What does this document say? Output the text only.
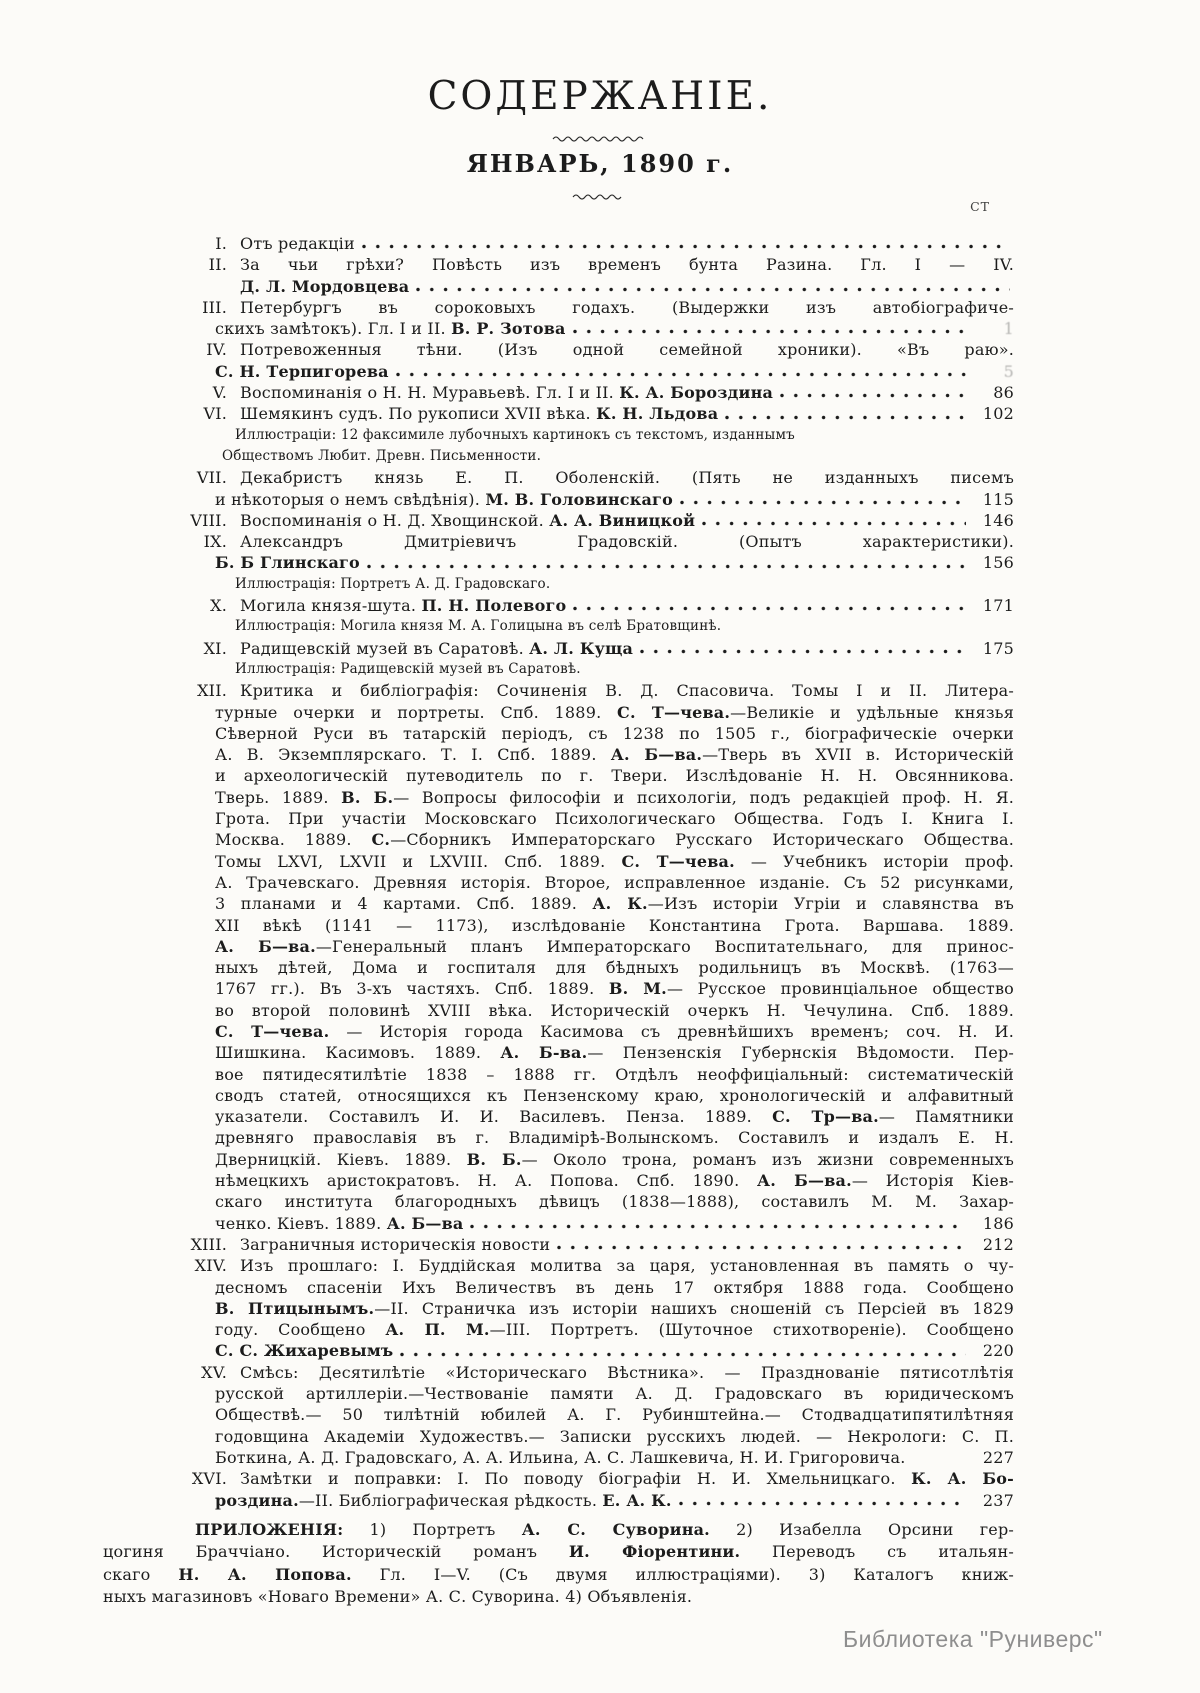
СОДЕРЖАНІЕ.
ЯНВАРЬ, 1890 г.
СТ
I. Отъ редакціи
II. За чьи грѣхи? Повѣсть изъ временъ бунта Разина. Гл. I — IV.
Д. Л. Мордовцева
III. Петербургъ въ сороковыхъ годахъ. (Выдержки изъ автобіографиче-
скихъ замѣтокъ). Гл. I и II. В. Р. Зотова	1
IV. Потревоженныя тѣни. (Изъ одной семейной хроники). «Въ раю».
С. Н. Терпигорева	5
V. Воспоминанія о Н. Н. Муравьевѣ. Гл. I и II. К. А. Бороздина	86
VI. Шемякинъ судъ. По рукописи XVII вѣка. К. Н. Льдова	102
Иллюстраціи: 12 факсимиле лубочныхъ картинокъ съ текстомъ, изданнымъ
Обществомъ Любит. Древн. Письменности.
VII. Декабристъ князь Е. П. Оболенскій. (Пять не изданныхъ писемъ
и нѣкоторыя о немъ свѣдѣнія). М. В. Головинскаго	115
VIII. Воспоминанія о Н. Д. Хвощинской. А. А. Виницкой	146
IX. Александръ Дмитріевичъ Градовскій. (Опытъ характеристики).
Б. Б Глинскаго	156
Иллюстрація: Портретъ А. Д. Градовскаго.
X. Могила князя-шута. П. Н. Полевого	171
Иллюстрація: Могила князя М. А. Голицына въ селѣ Братовщинѣ.
XI. Радищевскій музей въ Саратовѣ. А. Л. Куща	175
Иллюстрація: Радищевскій музей въ Саратовѣ.
XII. Критика и библіографія: Сочиненія В. Д. Спасовича. Томы I и II. Литера-
турные очерки и портреты. Спб. 1889. С. Т—чева.—Великіе и удѣльные князья
Сѣверной Руси въ татарскій періодъ, съ 1238 по 1505 г., біографическіе очерки
А. В. Экземплярскаго. Т. I. Спб. 1889. А. Б—ва.—Тверь въ XVII в. Историческій
и археологическій путеводитель по г. Твери. Изслѣдованіе Н. Н. Овсянникова.
Тверь. 1889. В. Б.— Вопросы философіи и психологіи, подъ редакціей проф. Н. Я.
Грота. При участіи Московскаго Психологическаго Общества. Годъ I. Книга I.
Москва. 1889. С.—Сборникъ Императорскаго Русскаго Историческаго Общества.
Томы LXVI, LXVII и LXVIII. Спб. 1889. С. Т—чева. — Учебникъ исторіи проф.
А. Трачевскаго. Древняя исторія. Второе, исправленное изданіе. Съ 52 рисунками,
3 планами и 4 картами. Спб. 1889. А. К.—Изъ исторіи Угріи и славянства въ
XII вѣкѣ (1141 — 1173), изслѣдованіе Константина Грота. Варшава. 1889.
А. Б—ва.—Генеральный планъ Императорскаго Воспитательнаго, для принос-
ныхъ дѣтей, Дома и госпиталя для бѣдныхъ родильницъ въ Москвѣ. (1763—
1767 гг.). Въ 3-хъ частяхъ. Спб. 1889. В. М.— Русское провинціальное общество
во второй половинѣ XVIII вѣка. Историческій очеркъ Н. Чечулина. Спб. 1889.
С. Т—чева. — Исторія города Касимова съ древнѣйшихъ временъ; соч. Н. И.
Шишкина. Касимовъ. 1889. А. Б-ва.— Пензенскія Губернскія Вѣдомости. Пер-
вое пятидесятилѣтіе 1838 – 1888 гг. Отдѣлъ неоффиціальный: систематическій
сводъ статей, относящихся къ Пензенскому краю, хронологическій и алфавитный
указатели. Составилъ И. И. Василевъ. Пенза. 1889. С. Тр—ва.— Памятники
древняго православія въ г. Владимірѣ-Волынскомъ. Составилъ и издалъ Е. Н.
Дверницкій. Кіевъ. 1889. В. Б.— Около трона, романъ изъ жизни современныхъ
нѣмецкихъ аристократовъ. Н. А. Попова. Спб. 1890. А. Б—ва.— Исторія Кіев-
скаго института благородныхъ дѣвицъ (1838—1888), составилъ М. М. Захар-
ченко. Кіевъ. 1889. А. Б—ва	186
XIII. Заграничныя историческія новости	212
XIV. Изъ прошлаго: I. Буддійская молитва за царя, установленная въ память о чу-
десномъ спасеніи Ихъ Величествъ въ день 17 октября 1888 года. Сообщено
В. Птицынымъ.—II. Страничка изъ исторіи нашихъ сношеній съ Персіей въ 1829
году. Сообщено А. П. М.—III. Портретъ. (Шуточное стихотвореніе). Сообщено
С. С. Жихаревымъ	220
XV. Смѣсь: Десятилѣтіе «Историческаго Вѣстника». — Празднованіе пятисотлѣтія
русской артиллеріи.—Чествованіе памяти А. Д. Градовскаго въ юридическомъ
Обществѣ.— 50 тилѣтній юбилей А. Г. Рубинштейна.— Стодвадцатипятилѣтняя
годовщина Академіи Художествъ.— Записки русскихъ людей. — Некрологи: С. П.
Боткина, А. Д. Градовскаго, А. А. Ильина, А. С. Лашкевича, Н. И. Григоровича.	227
XVI. Замѣтки и поправки: I. По поводу біографіи Н. И. Хмельницкаго. К. А. Бо-
роздина.—II. Библіографическая рѣдкость. Е. А. К.	237
ПРИЛОЖЕНІЯ: 1) Портретъ А. С. Суворина. 2) Изабелла Орсини гер-
цогиня Браччіано. Историческій романъ И. Фіорентини. Переводъ съ итальян-
скаго Н. А. Попова. Гл. I—V. (Съ двумя иллюстраціями). 3) Каталогъ книж-
ныхъ магазиновъ «Новаго Времени» А. С. Суворина. 4) Объявленія.
Библиотека "Руниверс"
